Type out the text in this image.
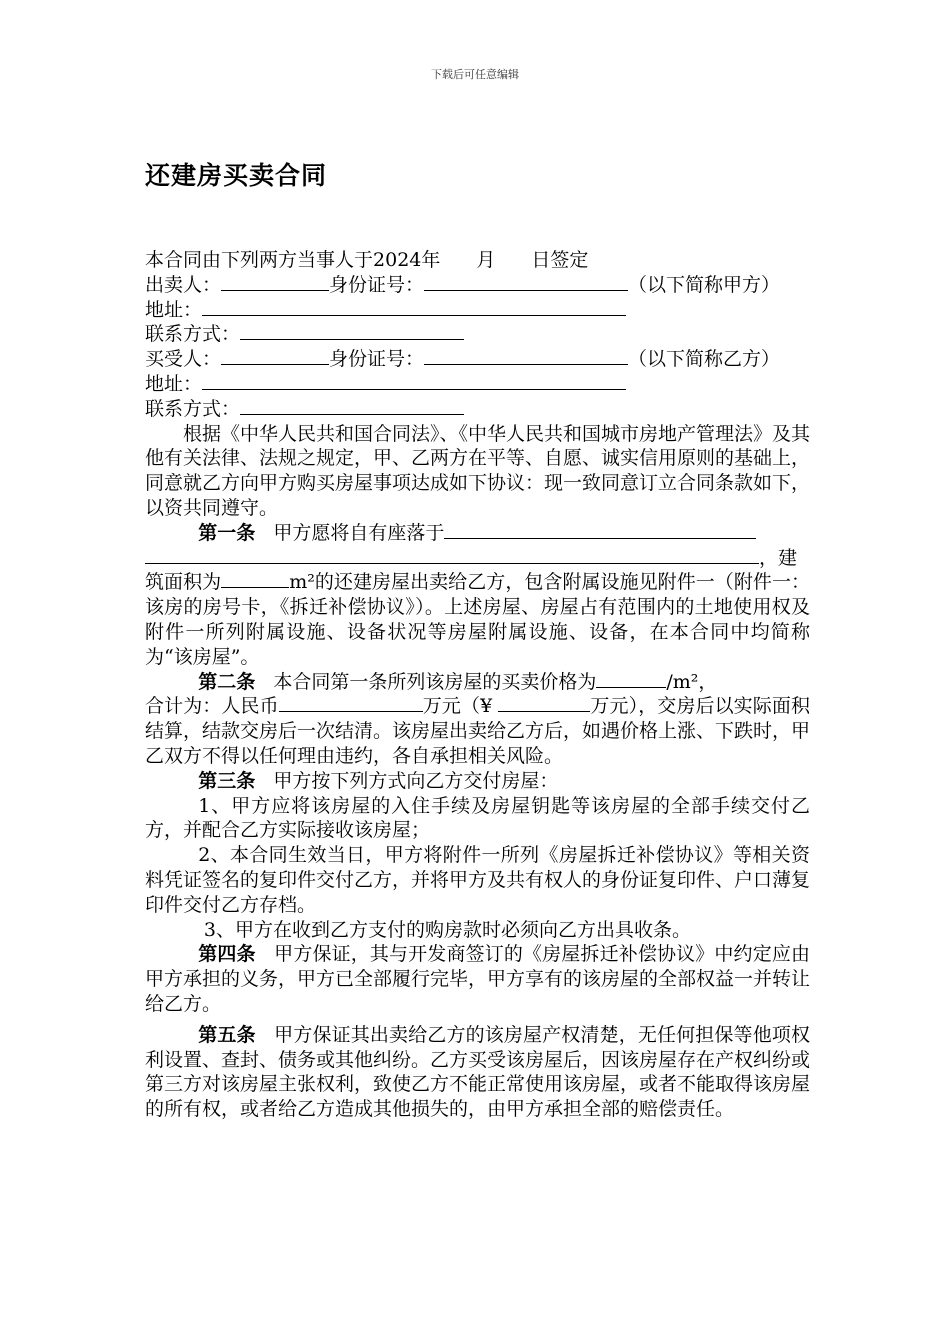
下载后可任意编辑
还建房买卖合同

本合同由下列两方当事人于2024年 月 日签定

出卖人：	身份证号：	（以下简称甲方）

地址：

联系方式：

买受人：	身份证号：	（以下简称乙方）

地址：

联系方式：

根据《中华人民共和国合同法》、《中华人民共和国城市房地产管理法》及其他有关法律、法规之规定，甲、乙两方在平等、自愿、诚实信用原则的基础上，同意就乙方向甲方购买房屋事项达成如下协议：现一致同意订立合同条款如下，以资共同遵守。

第一条 甲方愿将自有座落于

，建

筑面积为	m²的还建房屋出卖给乙方，包含附属设施见附件一（附件一：该房的房号卡，《拆迁补偿协议》）。上述房屋、房屋占有范围内的土地使用权及附件一所列附属设施、设备状况等房屋附属设施、设备，在本合同中均简称为“该房屋”。

第二条 本合同第一条所列该房屋的买卖价格为	/m²，

合计为：人民币	万元（¥	万元），交房后以实际面积结算，结款交房后一次结清。该房屋出卖给乙方后，如遇价格上涨、下跌时，甲乙双方不得以任何理由违约，各自承担相关风险。

第三条 甲方按下列方式向乙方交付房屋：

1、甲方应将该房屋的入住手续及房屋钥匙等该房屋的全部手续交付乙方，并配合乙方实际接收该房屋；

2、本合同生效当日，甲方将附件一所列《房屋拆迁补偿协议》等相关资料凭证签名的复印件交付乙方，并将甲方及共有权人的身份证复印件、户口薄复印件交付乙方存档。

3、甲方在收到乙方支付的购房款时必须向乙方出具收条。

第四条 甲方保证，其与开发商签订的《房屋拆迁补偿协议》中约定应由甲方承担的义务，甲方已全部履行完毕，甲方享有的该房屋的全部权益一并转让给乙方。

第五条 甲方保证其出卖给乙方的该房屋产权清楚，无任何担保等他项权利设置、查封、债务或其他纠纷。乙方买受该房屋后，因该房屋存在产权纠纷或第三方对该房屋主张权利，致使乙方不能正常使用该房屋，或者不能取得该房屋的所有权，或者给乙方造成其他损失的，由甲方承担全部的赔偿责任。
